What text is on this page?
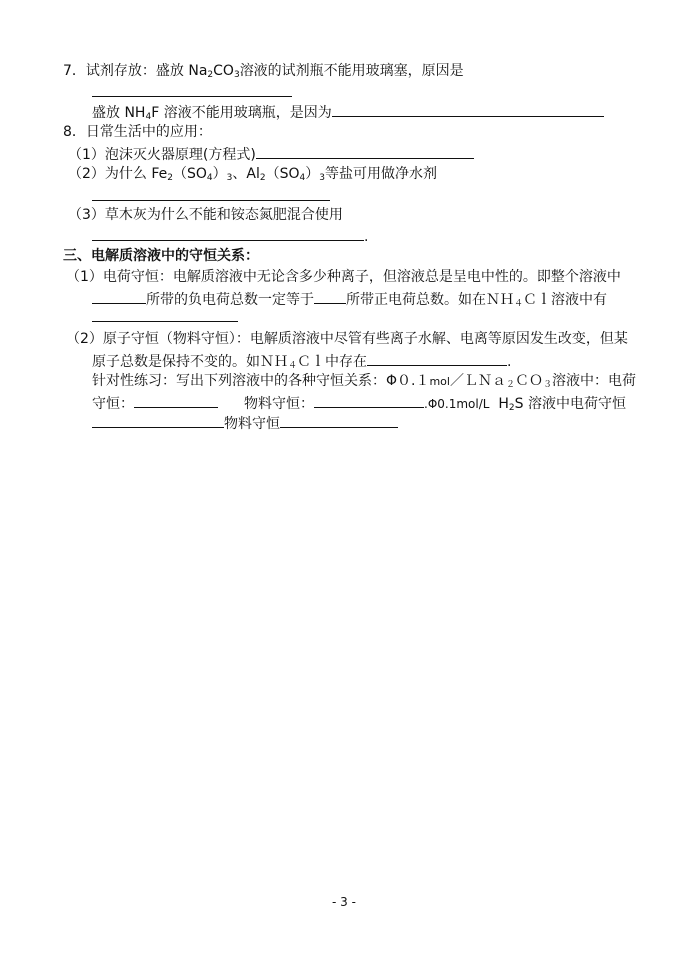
7．试剂存放：盛放 $Na_2CO_3$溶液的试剂瓶不能用玻璃塞，原因是
盛放 $NH_4F$ 溶液不能用玻璃瓶，是因为
8．日常生活中的应用：
（1）泡沫灭火器原理(方程式)
（2）为什么 $Fe_2(SO_4)_3$、$Al_2(SO_4)_3$等盐可用做净水剂
（3）草木灰为什么不能和铵态氮肥混合使用
.
三、电解质溶液中的守恒关系：
（1）电荷守恒：电解质溶液中无论含多少种离子，但溶液总是呈电中性的。即整个溶液中
所带的负电荷总数一定等于 所带正电荷总数。如在ＮＨ$_4$Ｃｌ溶液中有
（2）原子守恒（物料守恒）：电解质溶液中尽管有些离子水解、电离等原因发生改变，但某
原子总数是保持不变的。如ＮＨ$_4$Ｃｌ中存在	.
针对性练习：写出下列溶液中的各种守恒关系：Φ０.１mol／ＬＮａ$_2$ＣＯ$_3$溶液中：电荷
守恒：	物料守恒：	.Φ0.1mol/L $H_2S$ 溶液中电荷守恒
物料守恒
- 3 -
